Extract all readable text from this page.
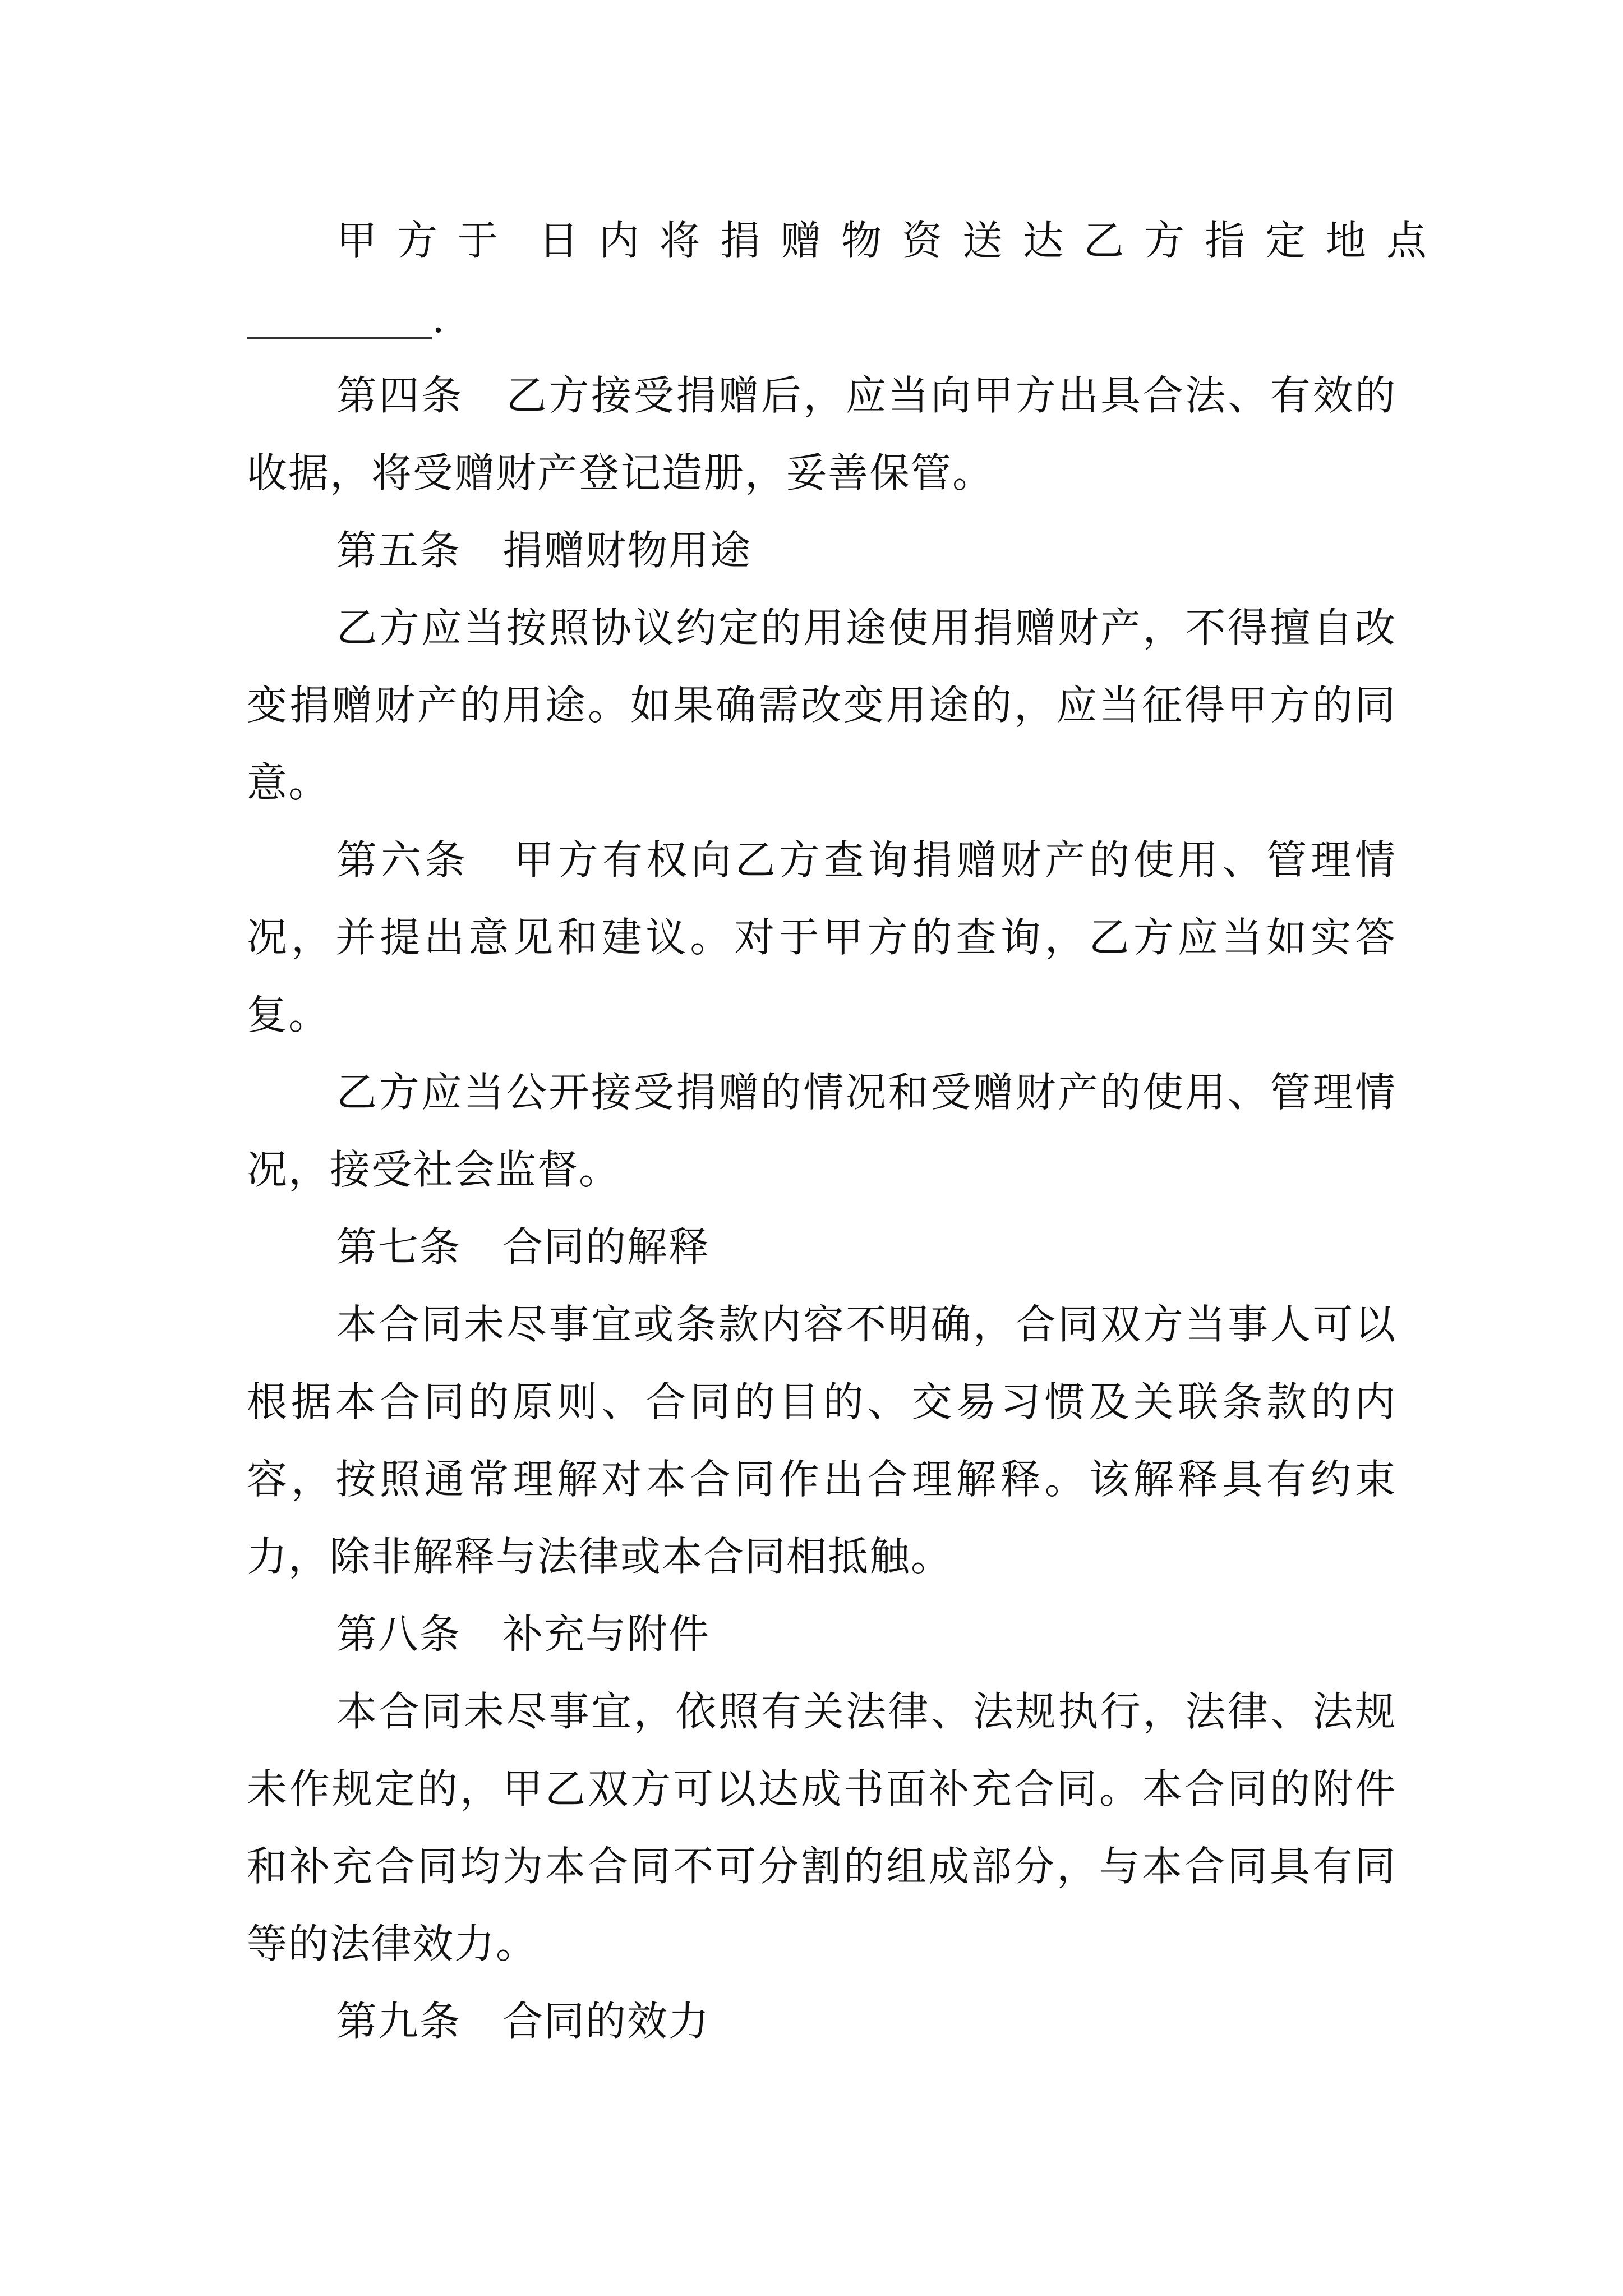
甲方于 日内将捐赠物资送达乙方指定地点
.

第四条　乙方接受捐赠后，应当向甲方出具合法、有效的收据，将受赠财产登记造册，妥善保管。

第五条　捐赠财物用途

乙方应当按照协议约定的用途使用捐赠财产，不得擅自改变捐赠财产的用途。如果确需改变用途的，应当征得甲方的同意。

第六条　甲方有权向乙方查询捐赠财产的使用、管理情况，并提出意见和建议。对于甲方的查询，乙方应当如实答复。

乙方应当公开接受捐赠的情况和受赠财产的使用、管理情况，接受社会监督。

第七条　合同的解释

本合同未尽事宜或条款内容不明确，合同双方当事人可以根据本合同的原则、合同的目的、交易习惯及关联条款的内容，按照通常理解对本合同作出合理解释。该解释具有约束力，除非解释与法律或本合同相抵触。

第八条　补充与附件

本合同未尽事宜，依照有关法律、法规执行，法律、法规未作规定的，甲乙双方可以达成书面补充合同。本合同的附件和补充合同均为本合同不可分割的组成部分，与本合同具有同等的法律效力。

第九条　合同的效力
